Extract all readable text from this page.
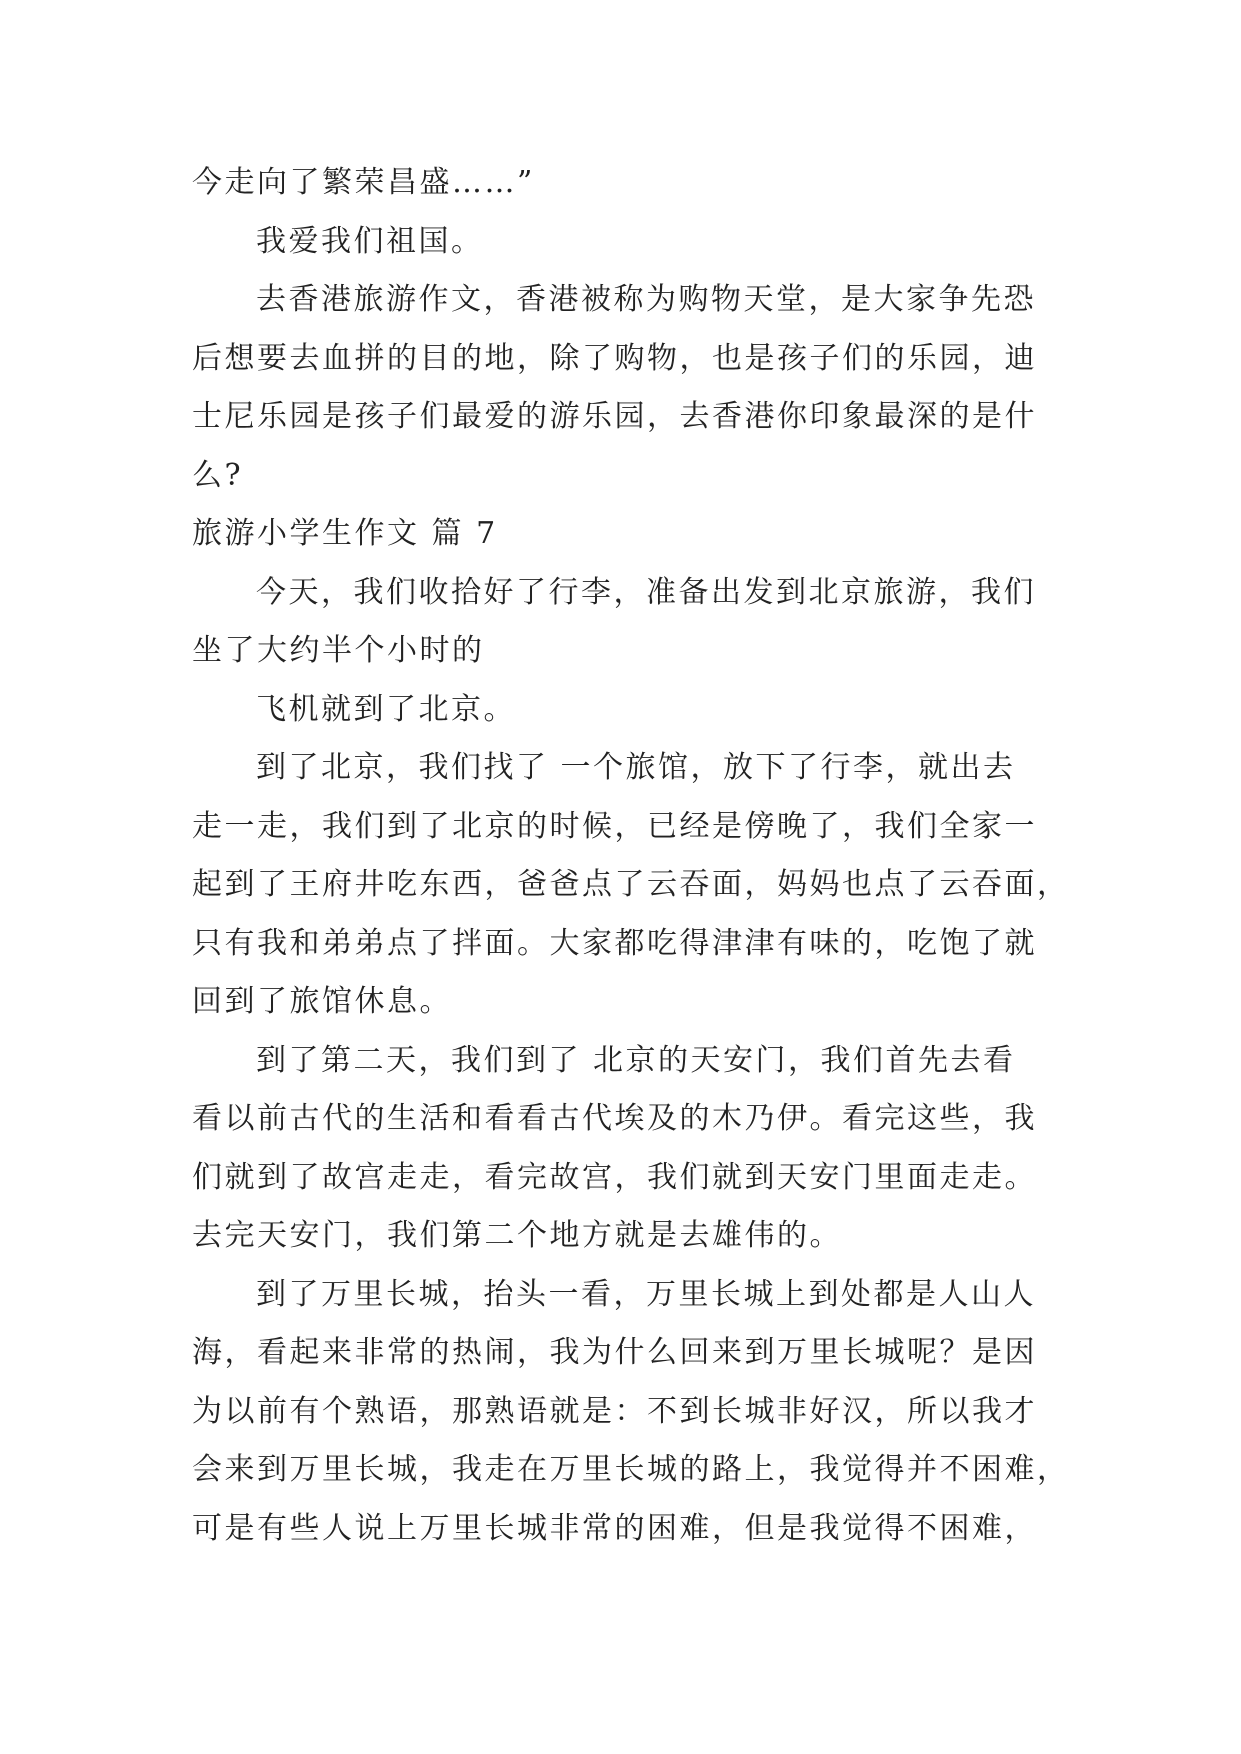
今走向了繁荣昌盛……”
我爱我们祖国。
去香港旅游作文，香港被称为购物天堂，是大家争先恐
后想要去血拼的目的地，除了购物，也是孩子们的乐园，迪
士尼乐园是孩子们最爱的游乐园，去香港你印象最深的是什
么?
旅游小学生作文 篇 7
今天，我们收拾好了行李，准备出发到北京旅游，我们
坐了大约半个小时的
飞机就到了北京。
到了北京，我们找了 一个旅馆，放下了行李，就出去
走一走，我们到了北京的时候，已经是傍晚了，我们全家一
起到了王府井吃东西，爸爸点了云吞面，妈妈也点了云吞面，
只有我和弟弟点了拌面。大家都吃得津津有味的，吃饱了就
回到了旅馆休息。
到了第二天，我们到了 北京的天安门，我们首先去看
看以前古代的生活和看看古代埃及的木乃伊。看完这些，我
们就到了故宫走走，看完故宫，我们就到天安门里面走走。
去完天安门，我们第二个地方就是去雄伟的。
到了万里长城，抬头一看，万里长城上到处都是人山人
海，看起来非常的热闹，我为什么回来到万里长城呢？是因
为以前有个熟语，那熟语就是：不到长城非好汉，所以我才
会来到万里长城，我走在万里长城的路上，我觉得并不困难，
可是有些人说上万里长城非常的困难，但是我觉得不困难，
